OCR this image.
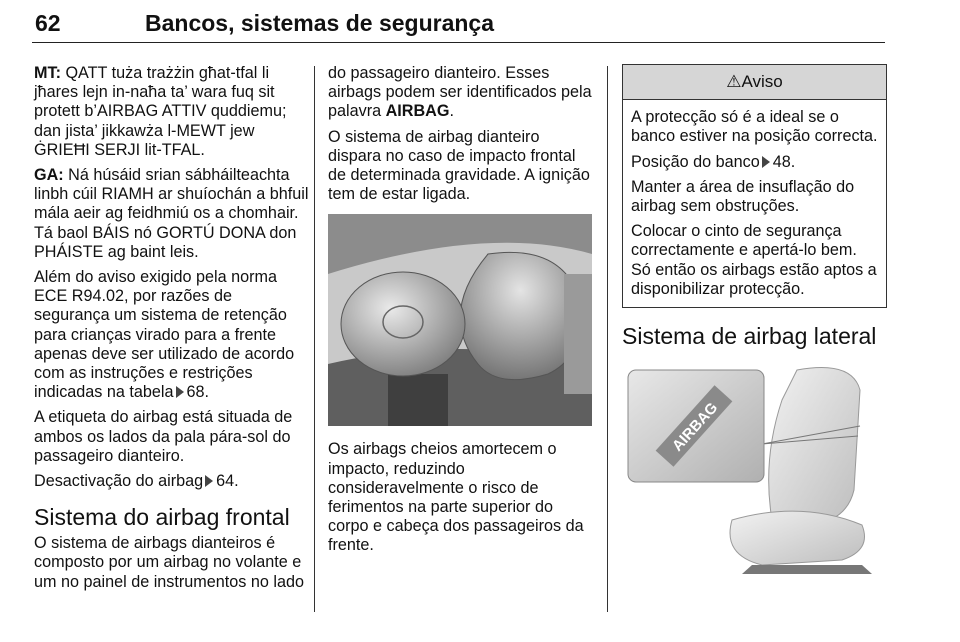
62	Bancos, sistemas de segurança

MT: QATT tuża trażżin għat-tfal li jħares lejn in-naħa ta’ wara fuq sit protett b’AIRBAG ATTIV quddiemu; dan jista’ jikkawża l-MEWT jew ĠRIEĦI SERJI lit-TFAL.

GA: Ná húsáid srian sábháilteachta linbh cúil RIAMH ar shuíochán a bhfuil mála aeir ag feidhmiú os a chomhair. Tá baol BÁIS nó GORTÚ DONA don PHÁISTE ag baint leis.

Além do aviso exigido pela norma ECE R94.02, por razões de segurança um sistema de retenção para crianças virado para a frente apenas deve ser utilizado de acordo com as instruções e restrições indicadas na tabela 68.

A etiqueta do airbag está situada de ambos os lados da pala pára-sol do passageiro dianteiro.

Desactivação do airbag 64.

Sistema do airbag frontal

O sistema de airbags dianteiros é composto por um airbag no volante e um no painel de instrumentos no lado

do passageiro dianteiro. Esses airbags podem ser identificados pela palavra AIRBAG.

O sistema de airbag dianteiro dispara no caso de impacto frontal de determinada gravidade. A ignição tem de estar ligada.

Os airbags cheios amortecem o impacto, reduzindo consideravelmente o risco de ferimentos na parte superior do corpo e cabeça dos passageiros da frente.

⚠Aviso

A protecção só é a ideal se o banco estiver na posição correcta.

Posição do banco 48.

Manter a área de insuflação do airbag sem obstruções.

Colocar o cinto de segurança correctamente e apertá-lo bem. Só então os airbags estão aptos a disponibilizar protecção.

Sistema de airbag lateral
AIRBAG
